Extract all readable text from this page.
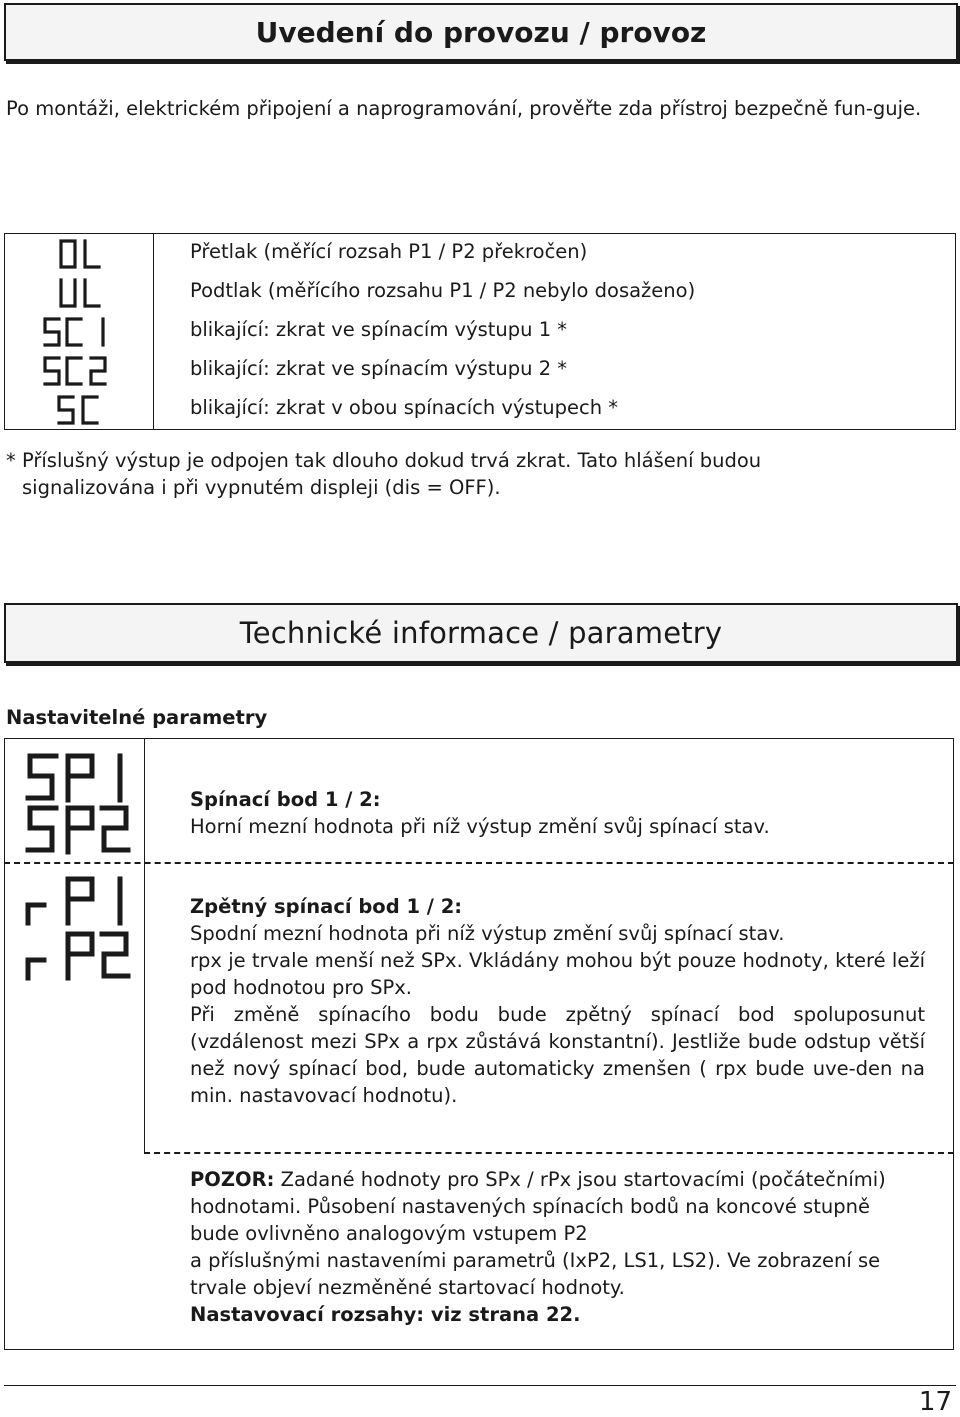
Uvedení do provozu / provoz
Po montáži, elektrickém připojení a naprogramování, prověřte zda přístroj bezpečně fun-guje.
Přetlak (měřící rozsah P1 / P2 překročen)
Podtlak (měřícího rozsahu P1 / P2 nebylo dosaženo)
blikající: zkrat ve spínacím výstupu 1 *
blikající: zkrat ve spínacím výstupu 2 *
blikající: zkrat v obou spínacích výstupech *
* Příslušný výstup je odpojen tak dlouho dokud trvá zkrat. Tato hlášení budou
signalizována i při vypnutém displeji (dis = OFF).
Technické informace / parametry
Nastavitelné parametry
Spínací bod 1 / 2:
Horní mezní hodnota při níž výstup změní svůj spínací stav.
Zpětný spínací bod 1 / 2:
Spodní mezní hodnota při níž výstup změní svůj spínací stav.
rpx je trvale menší než SPx. Vkládány mohou být pouze hodnoty, které leží pod hodnotou pro SPx.
Při změně spínacího bodu bude zpětný spínací bod spoluposunut (vzdálenost mezi SPx a rpx zůstává konstantní). Jestliže bude odstup větší než nový spínací bod, bude automaticky zmenšen ( rpx bude uve-den na min. nastavovací hodnotu).
POZOR: Zadané hodnoty pro SPx / rPx jsou startovacími (počátečními) hodnotami. Působení nastavených spínacích bodů na koncové stupně bude ovlivněno analogovým vstupem P2
a příslušnými nastaveními parametrů (IxP2, LS1, LS2). Ve zobrazení se trvale objeví nezměněné startovací hodnoty.
Nastavovací rozsahy: viz strana 22.
17
